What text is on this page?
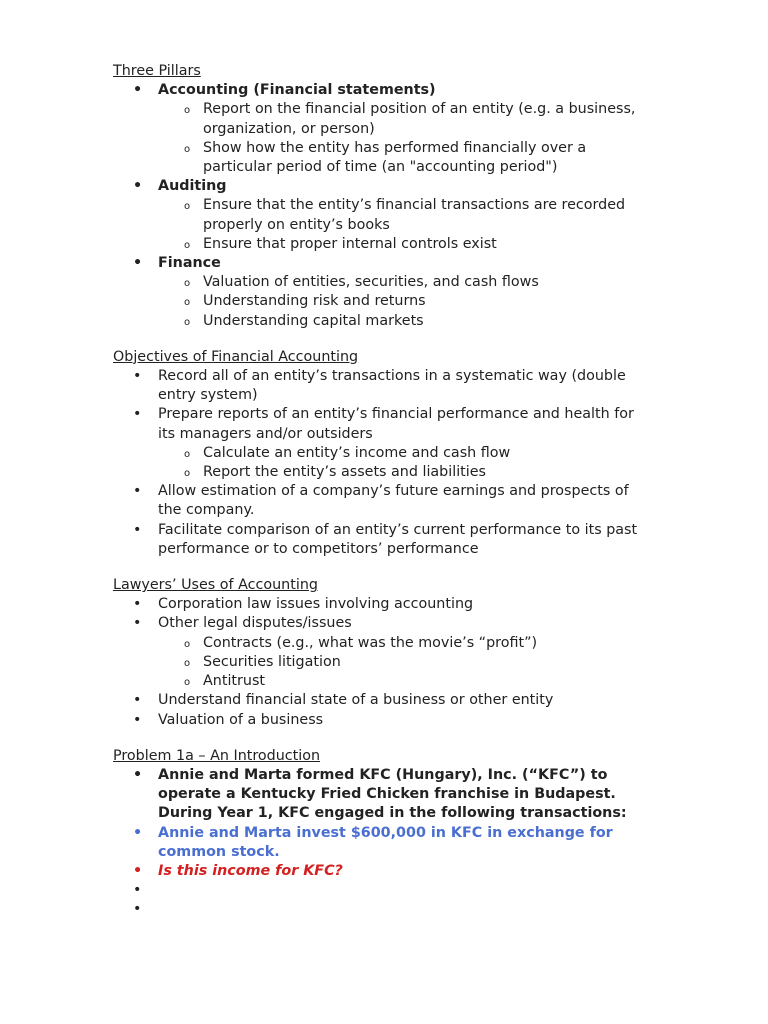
Three Pillars

• Accounting (Financial statements)
o Report on the financial position of an entity (e.g. a business, organization, or person)
o Show how the entity has performed financially over a particular period of time (an "accounting period")
• Auditing
o Ensure that the entity’s financial transactions are recorded properly on entity’s books
o Ensure that proper internal controls exist
• Finance
o Valuation of entities, securities, and cash flows
o Understanding risk and returns
o Understanding capital markets

Objectives of Financial Accounting

• Record all of an entity’s transactions in a systematic way (double entry system)
• Prepare reports of an entity’s financial performance and health for its managers and/or outsiders
o Calculate an entity’s income and cash flow
o Report the entity’s assets and liabilities
• Allow estimation of a company’s future earnings and prospects of the company.
• Facilitate comparison of an entity’s current performance to its past performance or to competitors’ performance

Lawyers’ Uses of Accounting

• Corporation law issues involving accounting
• Other legal disputes/issues
o Contracts (e.g., what was the movie’s “profit”)
o Securities litigation
o Antitrust
• Understand financial state of a business or other entity
• Valuation of a business

Problem 1a – An Introduction

• Annie and Marta formed KFC (Hungary), Inc. (“KFC”) to operate a Kentucky Fried Chicken franchise in Budapest. During Year 1, KFC engaged in the following transactions:
• Annie and Marta invest $600,000 in KFC in exchange for common stock.
• Is this income for KFC?
•
•
